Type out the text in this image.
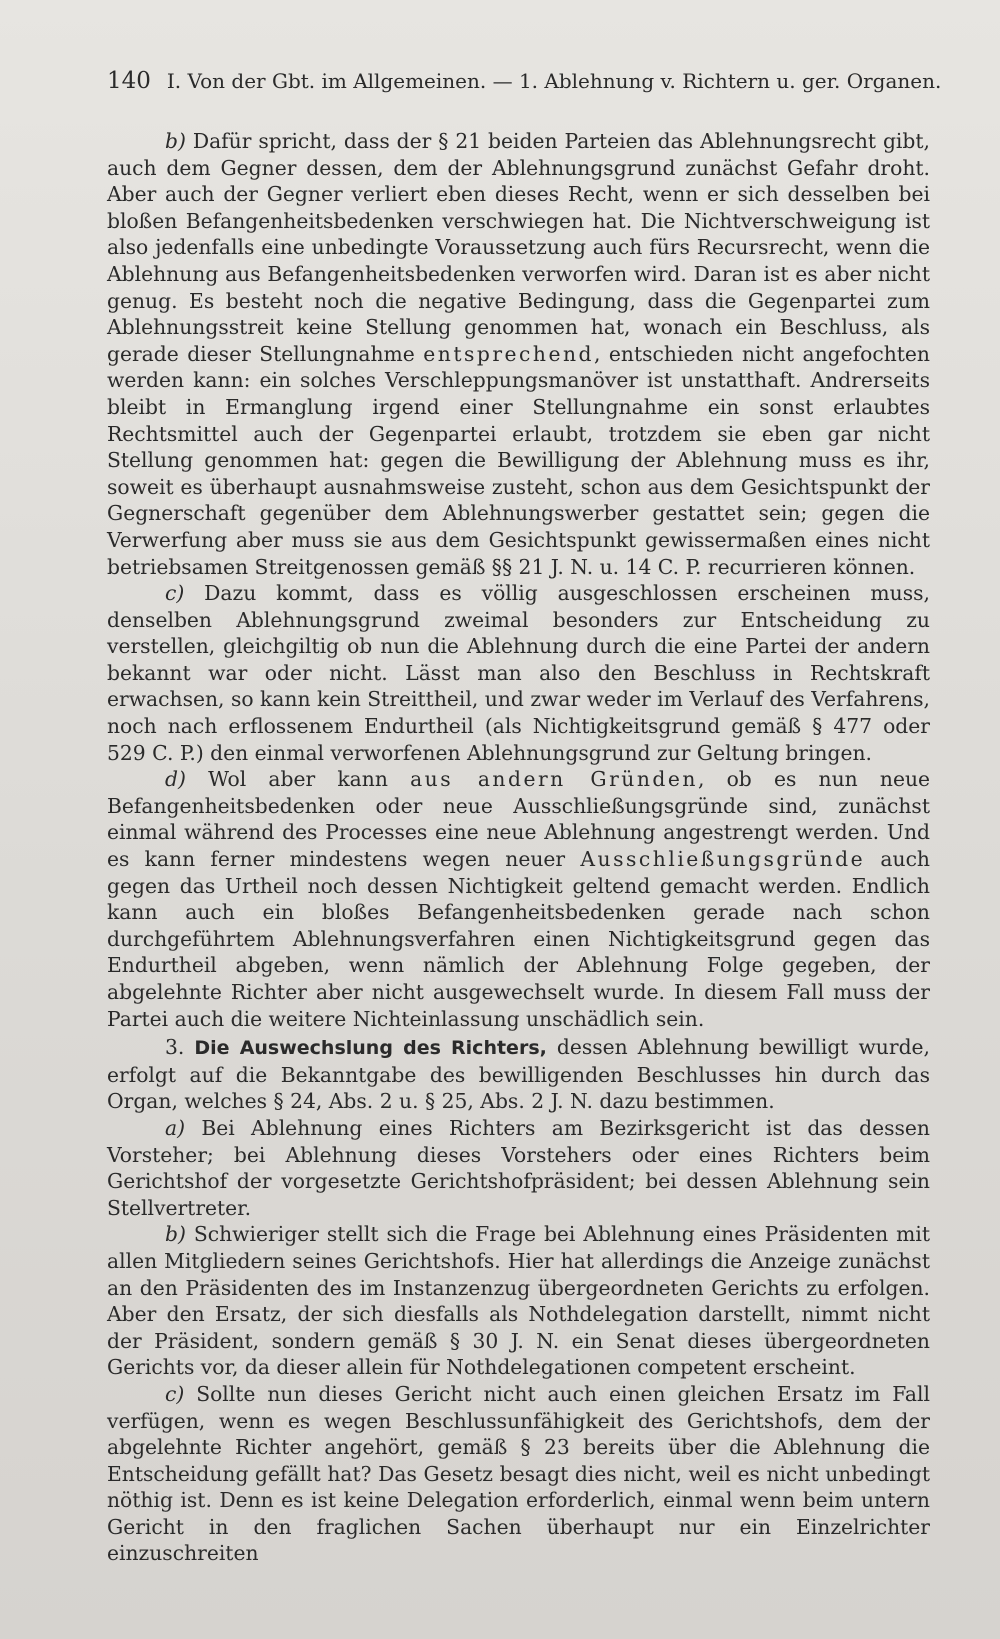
140 I. Von der Gbt. im Allgemeinen. — 1. Ablehnung v. Richtern u. ger. Organen.

b) Dafür spricht, dass der § 21 beiden Parteien das Ablehnungsrecht gibt, auch dem Gegner dessen, dem der Ablehnungsgrund zunächst Gefahr droht. Aber auch der Gegner verliert eben dieses Recht, wenn er sich desselben bei bloßen Befangenheitsbedenken verschwiegen hat. Die Nichtverschweigung ist also jedenfalls eine unbedingte Voraussetzung auch fürs Recursrecht, wenn die Ablehnung aus Befangenheitsbedenken verworfen wird. Daran ist es aber nicht genug. Es besteht noch die negative Bedingung, dass die Gegenpartei zum Ablehnungsstreit keine Stellung genommen hat, wonach ein Beschluss, als gerade dieser Stellungnahme entsprechend, entschieden nicht angefochten werden kann: ein solches Verschleppungsmanöver ist unstatthaft. Andrerseits bleibt in Ermanglung irgend einer Stellungnahme ein sonst erlaubtes Rechtsmittel auch der Gegenpartei erlaubt, trotzdem sie eben gar nicht Stellung genommen hat: gegen die Bewilligung der Ablehnung muss es ihr, soweit es überhaupt ausnahmsweise zusteht, schon aus dem Gesichtspunkt der Gegnerschaft gegenüber dem Ablehnungswerber gestattet sein; gegen die Verwerfung aber muss sie aus dem Gesichtspunkt gewissermaßen eines nicht betriebsamen Streitgenossen gemäß §§ 21 J. N. u. 14 C. P. recurrieren können.

c) Dazu kommt, dass es völlig ausgeschlossen erscheinen muss, denselben Ablehnungsgrund zweimal besonders zur Entscheidung zu verstellen, gleichgiltig ob nun die Ablehnung durch die eine Partei der andern bekannt war oder nicht. Lässt man also den Beschluss in Rechtskraft erwachsen, so kann kein Streittheil, und zwar weder im Verlauf des Verfahrens, noch nach erflossenem Endurtheil (als Nichtigkeitsgrund gemäß § 477 oder 529 C. P.) den einmal verworfenen Ablehnungsgrund zur Geltung bringen.

d) Wol aber kann aus andern Gründen, ob es nun neue Befangenheitsbedenken oder neue Ausschließungsgründe sind, zunächst einmal während des Processes eine neue Ablehnung angestrengt werden. Und es kann ferner mindestens wegen neuer Ausschließungsgründe auch gegen das Urtheil noch dessen Nichtigkeit geltend gemacht werden. Endlich kann auch ein bloßes Befangenheitsbedenken gerade nach schon durchgeführtem Ablehnungsverfahren einen Nichtigkeitsgrund gegen das Endurtheil abgeben, wenn nämlich der Ablehnung Folge gegeben, der abgelehnte Richter aber nicht ausgewechselt wurde. In diesem Fall muss der Partei auch die weitere Nichteinlassung unschädlich sein.

3. Die Auswechslung des Richters, dessen Ablehnung bewilligt wurde, erfolgt auf die Bekanntgabe des bewilligenden Beschlusses hin durch das Organ, welches § 24, Abs. 2 u. § 25, Abs. 2 J. N. dazu bestimmen.

a) Bei Ablehnung eines Richters am Bezirksgericht ist das dessen Vorsteher; bei Ablehnung dieses Vorstehers oder eines Richters beim Gerichtshof der vorgesetzte Gerichtshofpräsident; bei dessen Ablehnung sein Stellvertreter.

b) Schwieriger stellt sich die Frage bei Ablehnung eines Präsidenten mit allen Mitgliedern seines Gerichtshofs. Hier hat allerdings die Anzeige zunächst an den Präsidenten des im Instanzenzug übergeordneten Gerichts zu erfolgen. Aber den Ersatz, der sich diesfalls als Nothdelegation darstellt, nimmt nicht der Präsident, sondern gemäß § 30 J. N. ein Senat dieses übergeordneten Gerichts vor, da dieser allein für Nothdelegationen competent erscheint.

c) Sollte nun dieses Gericht nicht auch einen gleichen Ersatz im Fall verfügen, wenn es wegen Beschlussunfähigkeit des Gerichtshofs, dem der abgelehnte Richter angehört, gemäß § 23 bereits über die Ablehnung die Entscheidung gefällt hat? Das Gesetz besagt dies nicht, weil es nicht unbedingt nöthig ist. Denn es ist keine Delegation erforderlich, einmal wenn beim untern Gericht in den fraglichen Sachen überhaupt nur ein Einzelrichter einzuschreiten
